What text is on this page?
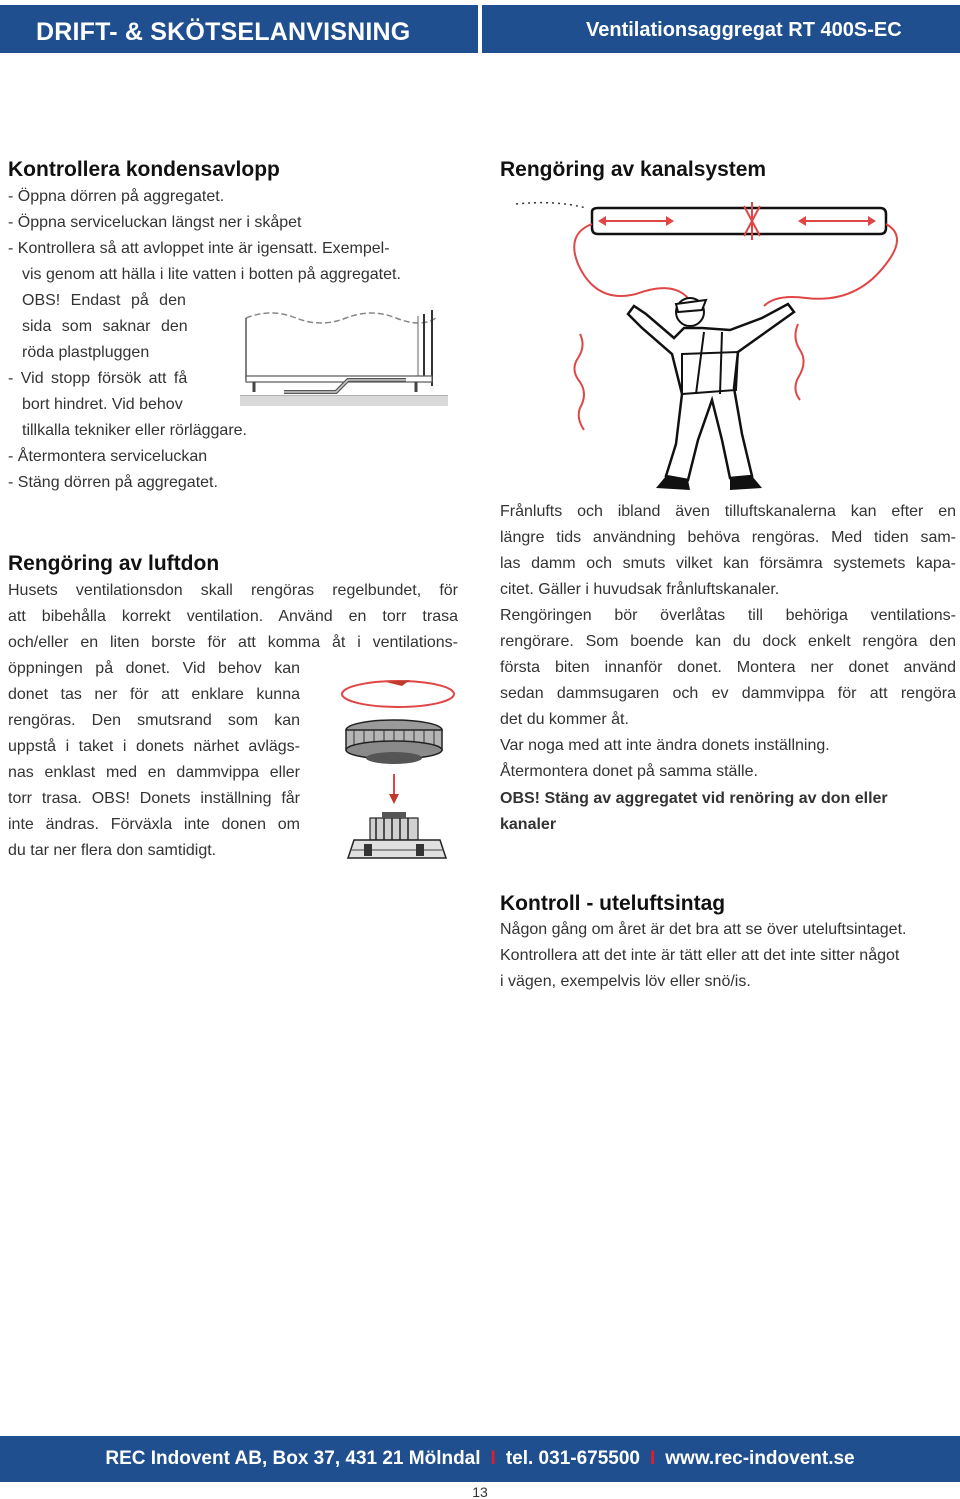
DRIFT- & SKÖTSELANVISNING	Ventilationsaggregat RT 400S-EC
Kontrollera kondensavlopp
- Öppna dörren på aggregatet.
- Öppna serviceluckan längst ner i skåpet
- Kontrollera så att avloppet inte är igensatt. Exempel-
vis genom att hälla i lite vatten i botten på aggregatet.
OBS! Endast på den
sida som saknar den
röda plastpluggen
- Vid stopp försök att få
bort hindret. Vid behov
tillkalla tekniker eller rörläggare.
- Återmontera serviceluckan
- Stäng dörren på aggregatet.
Rengöring av luftdon
Husets ventilationsdon skall rengöras regelbundet, för
att bibehålla korrekt ventilation. Använd en torr trasa
och/eller en liten borste för att komma åt i ventilations-
öppningen på donet. Vid behov kan
donet tas ner för att enklare kunna
rengöras. Den smutsrand som kan
uppstå i taket i donets närhet avlägs-
nas enklast med en dammvippa eller
torr trasa. OBS! Donets inställning får
inte ändras. Förväxla inte donen om
du tar ner flera don samtidigt.
Rengöring av kanalsystem
Frånlufts och ibland även tilluftskanalerna kan efter en
längre tids användning behöva rengöras. Med tiden sam-
las damm och smuts vilket kan försämra systemets kapa-
citet. Gäller i huvudsak frånluftskanaler.
Rengöringen bör överlåtas till behöriga ventilations-
rengörare. Som boende kan du dock enkelt rengöra den
första biten innanför donet. Montera ner donet använd
sedan dammsugaren och ev dammvippa för att rengöra
det du kommer åt.
Var noga med att inte ändra donets inställning.
Återmontera donet på samma ställe.
OBS! Stäng av aggregatet vid renöring av don eller
kanaler
Kontroll - uteluftsintag
Någon gång om året är det bra att se över uteluftsintaget.
Kontrollera att det inte är tätt eller att det inte sitter något
i vägen, exempelvis löv eller snö/is.
REC Indovent AB, Box 37, 431 21 Mölndal I tel. 031-675500 I www.rec-indovent.se
13
